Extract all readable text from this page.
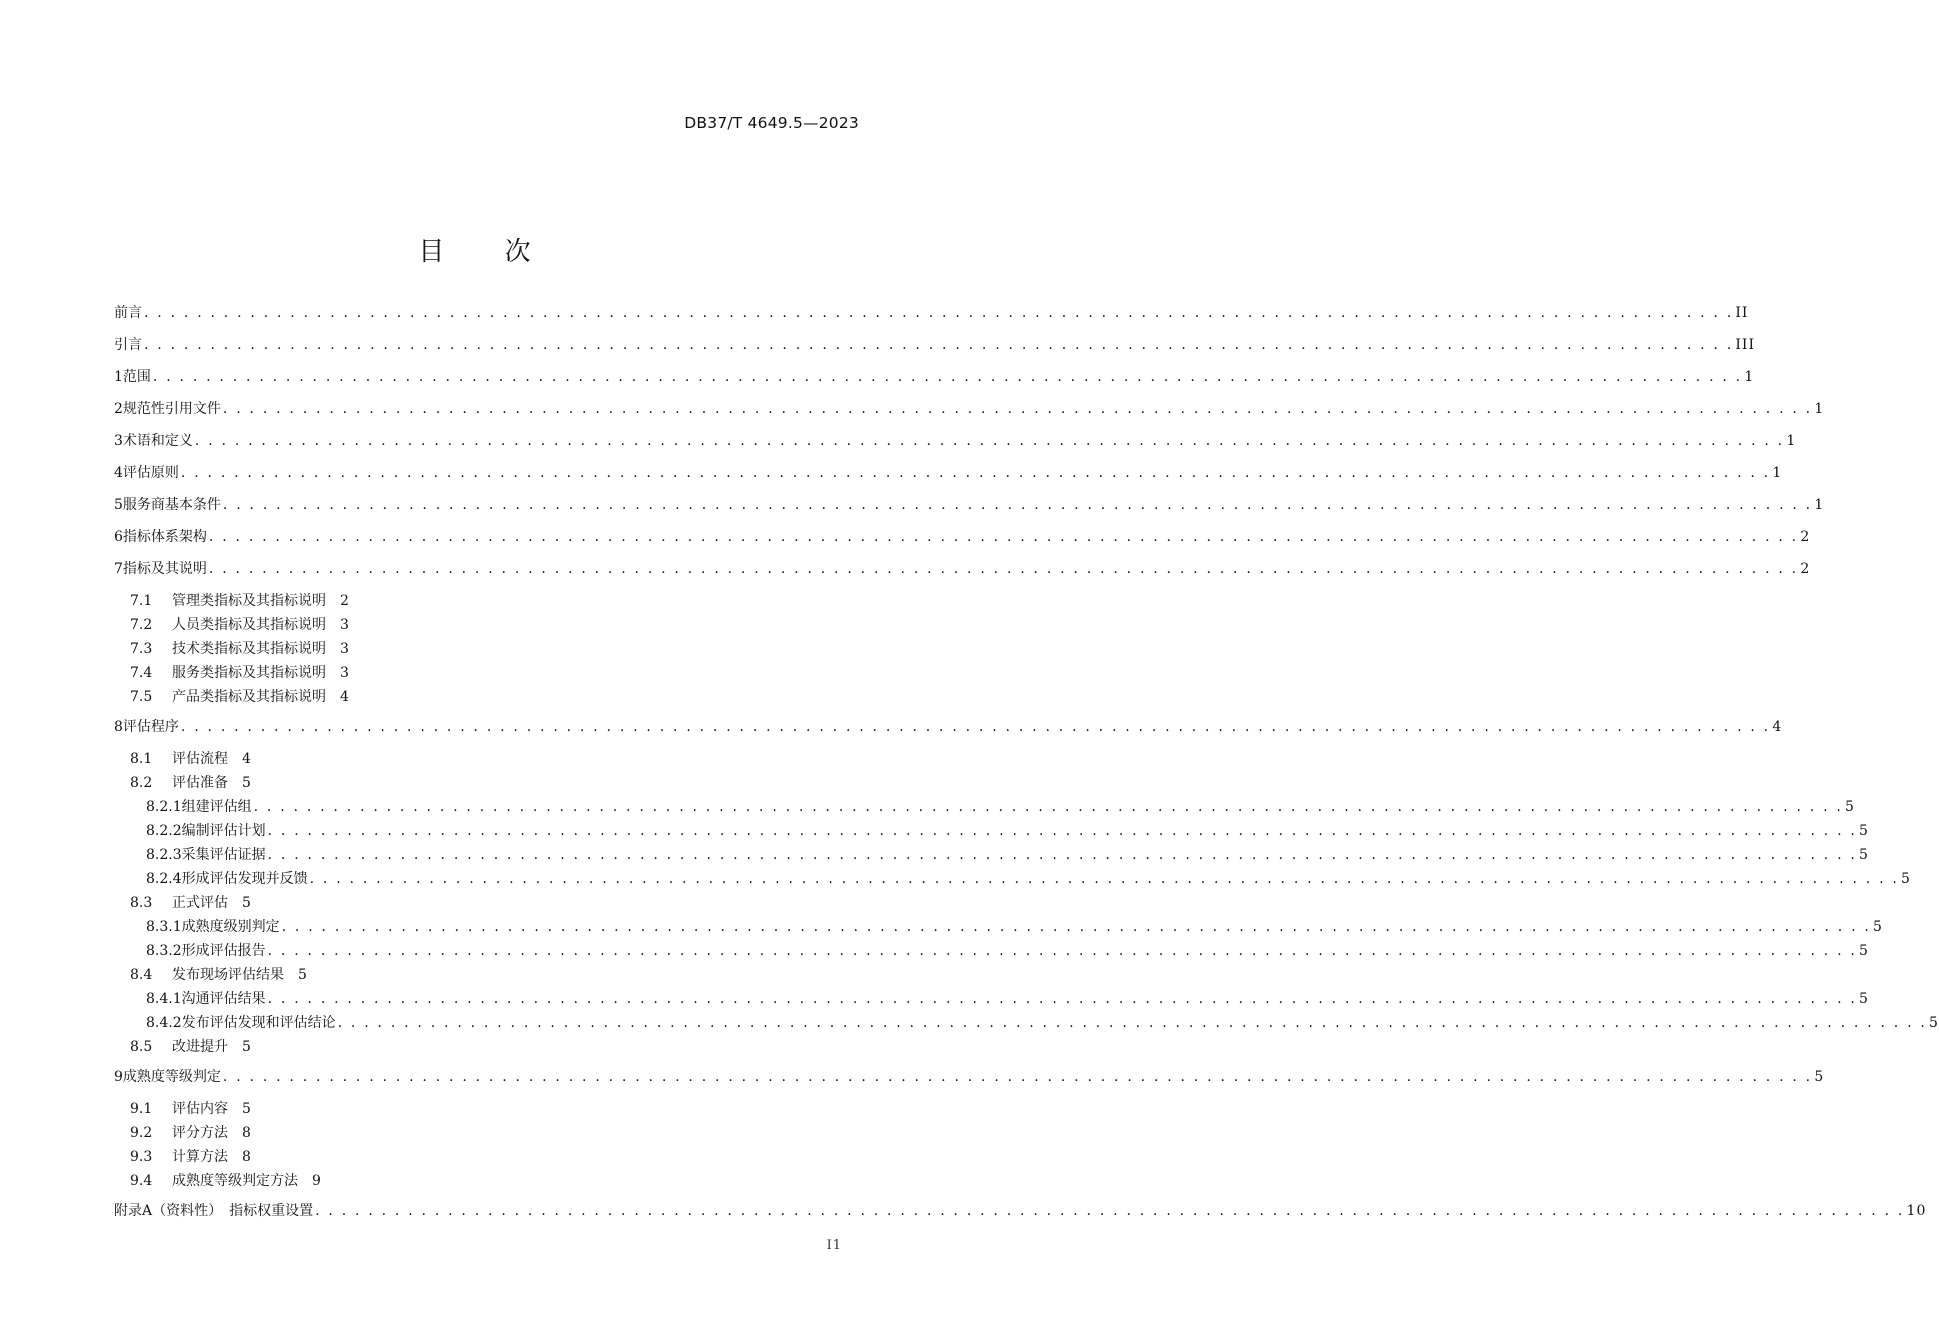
DB37/T 4649.5—2023
目 次
前言 . . . . . . . . . . . . . . . . . . . . . . . . . . . . . . . . . . . . . . . . . . . . . . . . . . . . . . . . . . . . . . . . . . . . . . . . . . . . . . . . . . . . . . . . . . . . . . . . . . . . . . . . . . . . . . . . . . . . . . . . II
引言 . . . . . . . . . . . . . . . . . . . . . . . . . . . . . . . . . . . . . . . . . . . . . . . . . . . . . . . . . . . . . . . . . . . . . . . . . . . . . . . . . . . . . . . . . . . . . . . . . . . . . . . . . . . . . . . . . . . . . . . . III
1 范围 . . . . . . . . . . . . . . . . . . . . . . . . . . . . . . . . . . . . . . . . . . . . . . . . . . . . . . . . . . . . . . . . . . . . . . . . . . . . . . . . . . . . . . . . . . . . . . . . . . . . . . . . . . . . . . . . . . . . . . . . 1
2 规范性引用文件 . . . . . . . . . . . . . . . . . . . . . . . . . . . . . . . . . . . . . . . . . . . . . . . . . . . . . . . . . . . . . . . . . . . . . . . . . . . . . . . . . . . . . . . . . . . . . . . . . . . . . . . . . . . . . . . . . . . . . . . . 1
3 术语和定义 . . . . . . . . . . . . . . . . . . . . . . . . . . . . . . . . . . . . . . . . . . . . . . . . . . . . . . . . . . . . . . . . . . . . . . . . . . . . . . . . . . . . . . . . . . . . . . . . . . . . . . . . . . . . . . . . . . . . . . . . 1
4 评估原则 . . . . . . . . . . . . . . . . . . . . . . . . . . . . . . . . . . . . . . . . . . . . . . . . . . . . . . . . . . . . . . . . . . . . . . . . . . . . . . . . . . . . . . . . . . . . . . . . . . . . . . . . . . . . . . . . . . . . . . . . 1
5 服务商基本条件 . . . . . . . . . . . . . . . . . . . . . . . . . . . . . . . . . . . . . . . . . . . . . . . . . . . . . . . . . . . . . . . . . . . . . . . . . . . . . . . . . . . . . . . . . . . . . . . . . . . . . . . . . . . . . . . . . . . . . . . . 1
6 指标体系架构 . . . . . . . . . . . . . . . . . . . . . . . . . . . . . . . . . . . . . . . . . . . . . . . . . . . . . . . . . . . . . . . . . . . . . . . . . . . . . . . . . . . . . . . . . . . . . . . . . . . . . . . . . . . . . . . . . . . . . . . . 2
7 指标及其说明 . . . . . . . . . . . . . . . . . . . . . . . . . . . . . . . . . . . . . . . . . . . . . . . . . . . . . . . . . . . . . . . . . . . . . . . . . . . . . . . . . . . . . . . . . . . . . . . . . . . . . . . . . . . . . . . . . . . . . . . . 2
7.1	管理类指标及其指标说明 2
7.2	人员类指标及其指标说明 3
7.3	技术类指标及其指标说明 3
7.4	服务类指标及其指标说明 3
7.5	产品类指标及其指标说明 4
8 评估程序 . . . . . . . . . . . . . . . . . . . . . . . . . . . . . . . . . . . . . . . . . . . . . . . . . . . . . . . . . . . . . . . . . . . . . . . . . . . . . . . . . . . . . . . . . . . . . . . . . . . . . . . . . . . . . . . . . . . . . . . . 4
8.1	评估流程 4
8.2	评估准备 5
8.2.1 组建评估组 . . . . . . . . . . . . . . . . . . . . . . . . . . . . . . . . . . . . . . . . . . . . . . . . . . . . . . . . . . . . . . . . . . . . . . . . . . . . . . . . . . . . . . . . . . . . . . . . . . . . . . . . . . . . . . . . . . . . . . . . 5
8.2.2 编制评估计划 . . . . . . . . . . . . . . . . . . . . . . . . . . . . . . . . . . . . . . . . . . . . . . . . . . . . . . . . . . . . . . . . . . . . . . . . . . . . . . . . . . . . . . . . . . . . . . . . . . . . . . . . . . . . . . . . . . . . . . . . 5
8.2.3 采集评估证据 . . . . . . . . . . . . . . . . . . . . . . . . . . . . . . . . . . . . . . . . . . . . . . . . . . . . . . . . . . . . . . . . . . . . . . . . . . . . . . . . . . . . . . . . . . . . . . . . . . . . . . . . . . . . . . . . . . . . . . . . 5
8.2.4 形成评估发现并反馈 . . . . . . . . . . . . . . . . . . . . . . . . . . . . . . . . . . . . . . . . . . . . . . . . . . . . . . . . . . . . . . . . . . . . . . . . . . . . . . . . . . . . . . . . . . . . . . . . . . . . . . . . . . . . . . . . . . . . . . . . 5
8.3	正式评估 5
8.3.1 成熟度级别判定 . . . . . . . . . . . . . . . . . . . . . . . . . . . . . . . . . . . . . . . . . . . . . . . . . . . . . . . . . . . . . . . . . . . . . . . . . . . . . . . . . . . . . . . . . . . . . . . . . . . . . . . . . . . . . . . . . . . . . . . . 5
8.3.2 形成评估报告 . . . . . . . . . . . . . . . . . . . . . . . . . . . . . . . . . . . . . . . . . . . . . . . . . . . . . . . . . . . . . . . . . . . . . . . . . . . . . . . . . . . . . . . . . . . . . . . . . . . . . . . . . . . . . . . . . . . . . . . . 5
8.4	发布现场评估结果 5
8.4.1 沟通评估结果 . . . . . . . . . . . . . . . . . . . . . . . . . . . . . . . . . . . . . . . . . . . . . . . . . . . . . . . . . . . . . . . . . . . . . . . . . . . . . . . . . . . . . . . . . . . . . . . . . . . . . . . . . . . . . . . . . . . . . . . . 5
8.4.2 发布评估发现和评估结论 . . . . . . . . . . . . . . . . . . . . . . . . . . . . . . . . . . . . . . . . . . . . . . . . . . . . . . . . . . . . . . . . . . . . . . . . . . . . . . . . . . . . . . . . . . . . . . . . . . . . . . . . . . . . . . . . . . . . . . . . 5
8.5	改进提升 5
9 成熟度等级判定 . . . . . . . . . . . . . . . . . . . . . . . . . . . . . . . . . . . . . . . . . . . . . . . . . . . . . . . . . . . . . . . . . . . . . . . . . . . . . . . . . . . . . . . . . . . . . . . . . . . . . . . . . . . . . . . . . . . . . . . . 5
9.1	评估内容 5
9.2	评分方法 8
9.3	计算方法 8
9.4	成熟度等级判定方法 9
附录A（资料性）　指标权重设置 . . . . . . . . . . . . . . . . . . . . . . . . . . . . . . . . . . . . . . . . . . . . . . . . . . . . . . . . . . . . . . . . . . . . . . . . . . . . . . . . . . . . . . . . . . . . . . . . . . . . . . . . . . . . . . . . . . . . . . . . 10
I1
